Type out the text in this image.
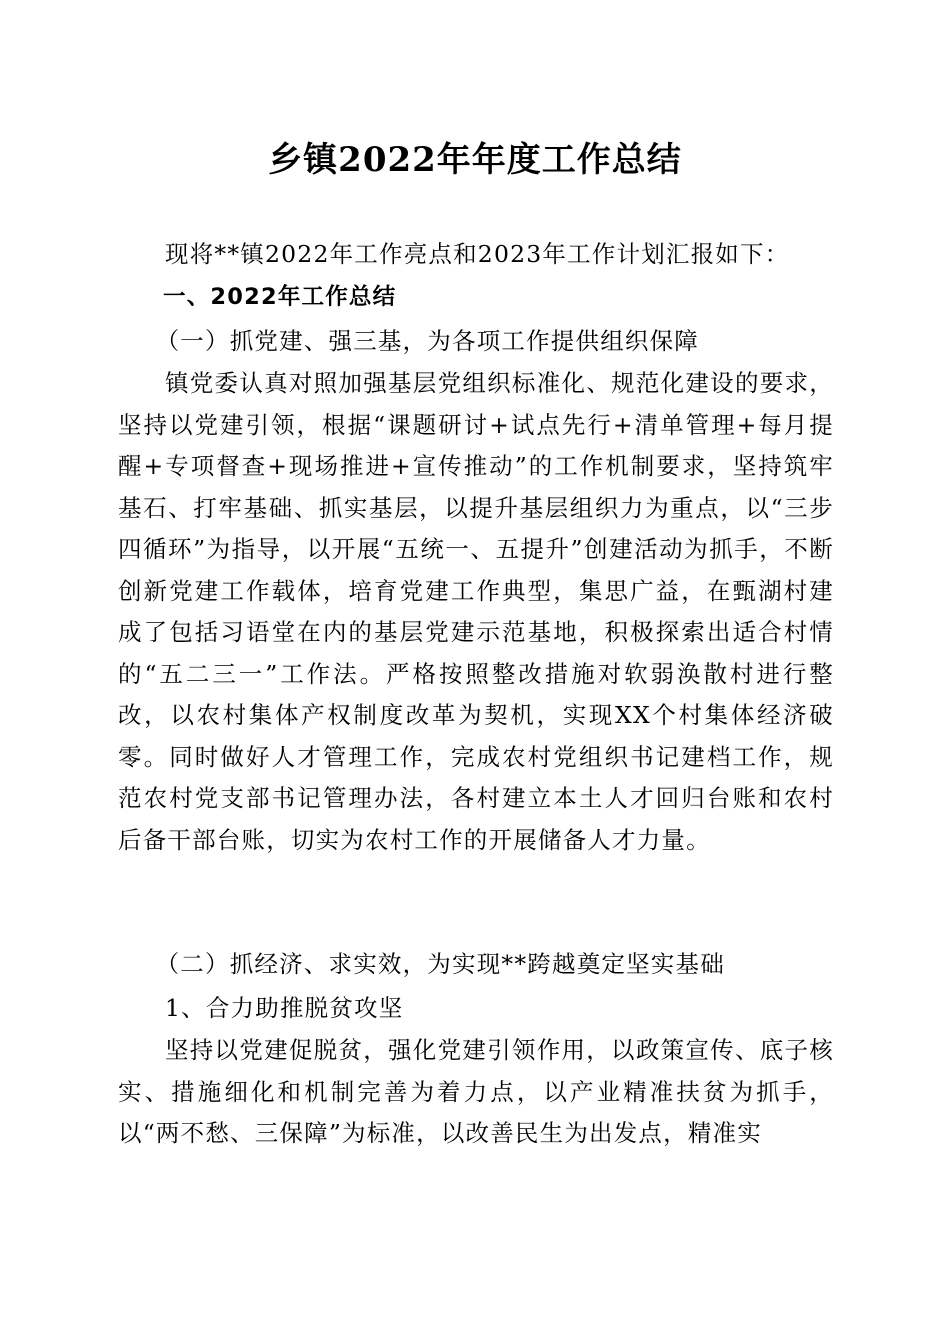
乡镇2022年年度工作总结
现将**镇2022年工作亮点和2023年工作计划汇报如下：
一、2022年工作总结
（一）抓党建、强三基，为各项工作提供组织保障
镇党委认真对照加强基层党组织标准化、规范化建设的要求，坚持以党建引领，根据“课题研讨+试点先行+清单管理+每月提醒+专项督查+现场推进+宣传推动”的工作机制要求，坚持筑牢基石、打牢基础、抓实基层，以提升基层组织力为重点，以“三步四循环”为指导，以开展“五统一、五提升”创建活动为抓手，不断创新党建工作载体，培育党建工作典型，集思广益，在甄湖村建成了包括习语堂在内的基层党建示范基地，积极探索出适合村情的“五二三一”工作法。严格按照整改措施对软弱涣散村进行整改，以农村集体产权制度改革为契机，实现XX个村集体经济破零。同时做好人才管理工作，完成农村党组织书记建档工作，规范农村党支部书记管理办法，各村建立本土人才回归台账和农村后备干部台账，切实为农村工作的开展储备人才力量。
（二）抓经济、求实效，为实现**跨越奠定坚实基础
1、合力助推脱贫攻坚
坚持以党建促脱贫，强化党建引领作用，以政策宣传、底子核实、措施细化和机制完善为着力点，以产业精准扶贫为抓手，以“两不愁、三保障”为标准，以改善民生为出发点，精准实
